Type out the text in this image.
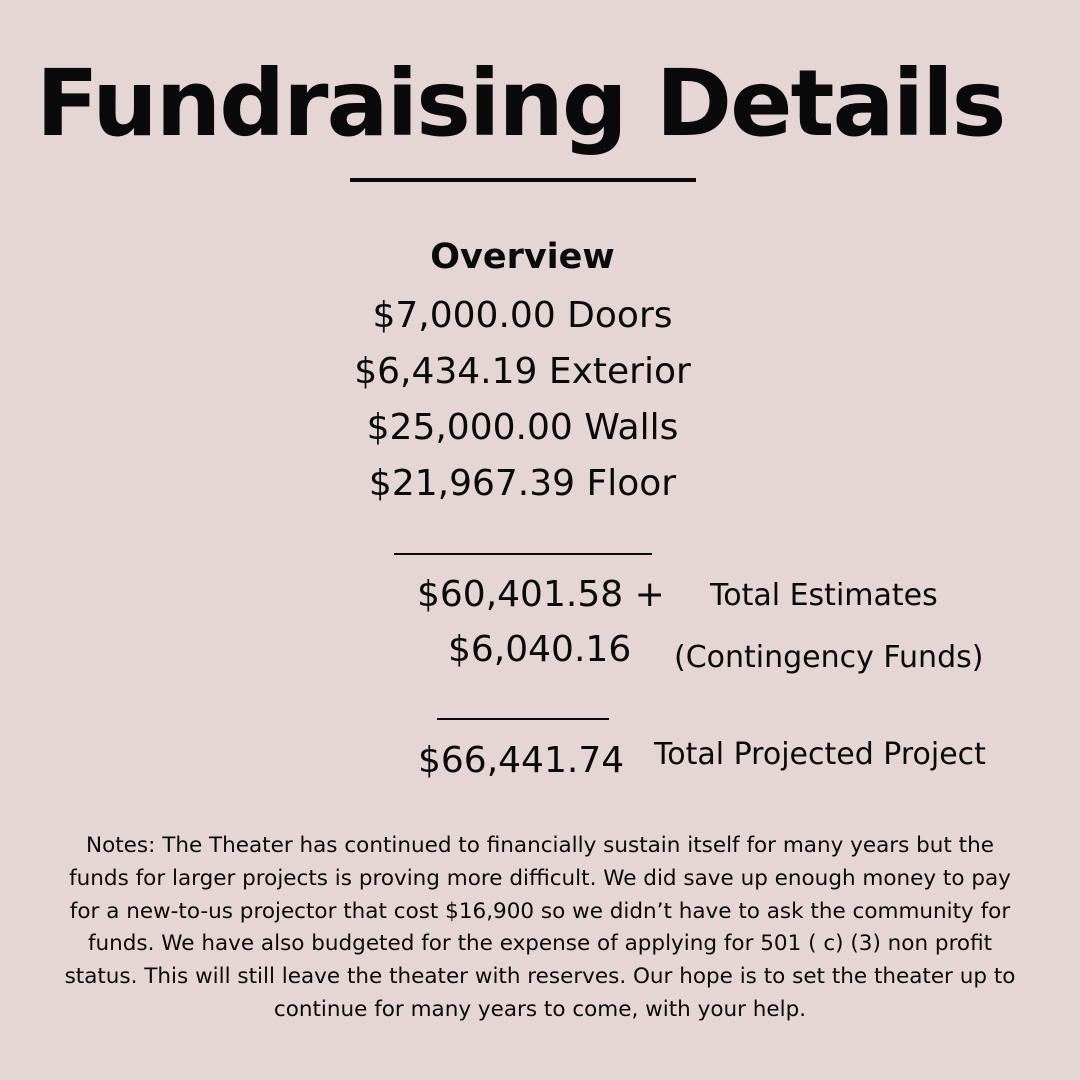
Fundraising Details
Overview
$7,000.00 Doors
$6,434.19 Exterior
$25,000.00 Walls
$21,967.39 Floor
$60,401.58 + Total Estimates
$6,040.16 (Contingency Funds)
$66,441.74 Total Projected Project
Notes: The Theater has continued to financially sustain itself for many years but the funds for larger projects is proving more difficult. We did save up enough money to pay for a new-to-us projector that cost $16,900 so we didn’t have to ask the community for funds. We have also budgeted for the expense of applying for 501 ( c) (3) non profit status. This will still leave the theater with reserves. Our hope is to set the theater up to continue for many years to come, with your help.
